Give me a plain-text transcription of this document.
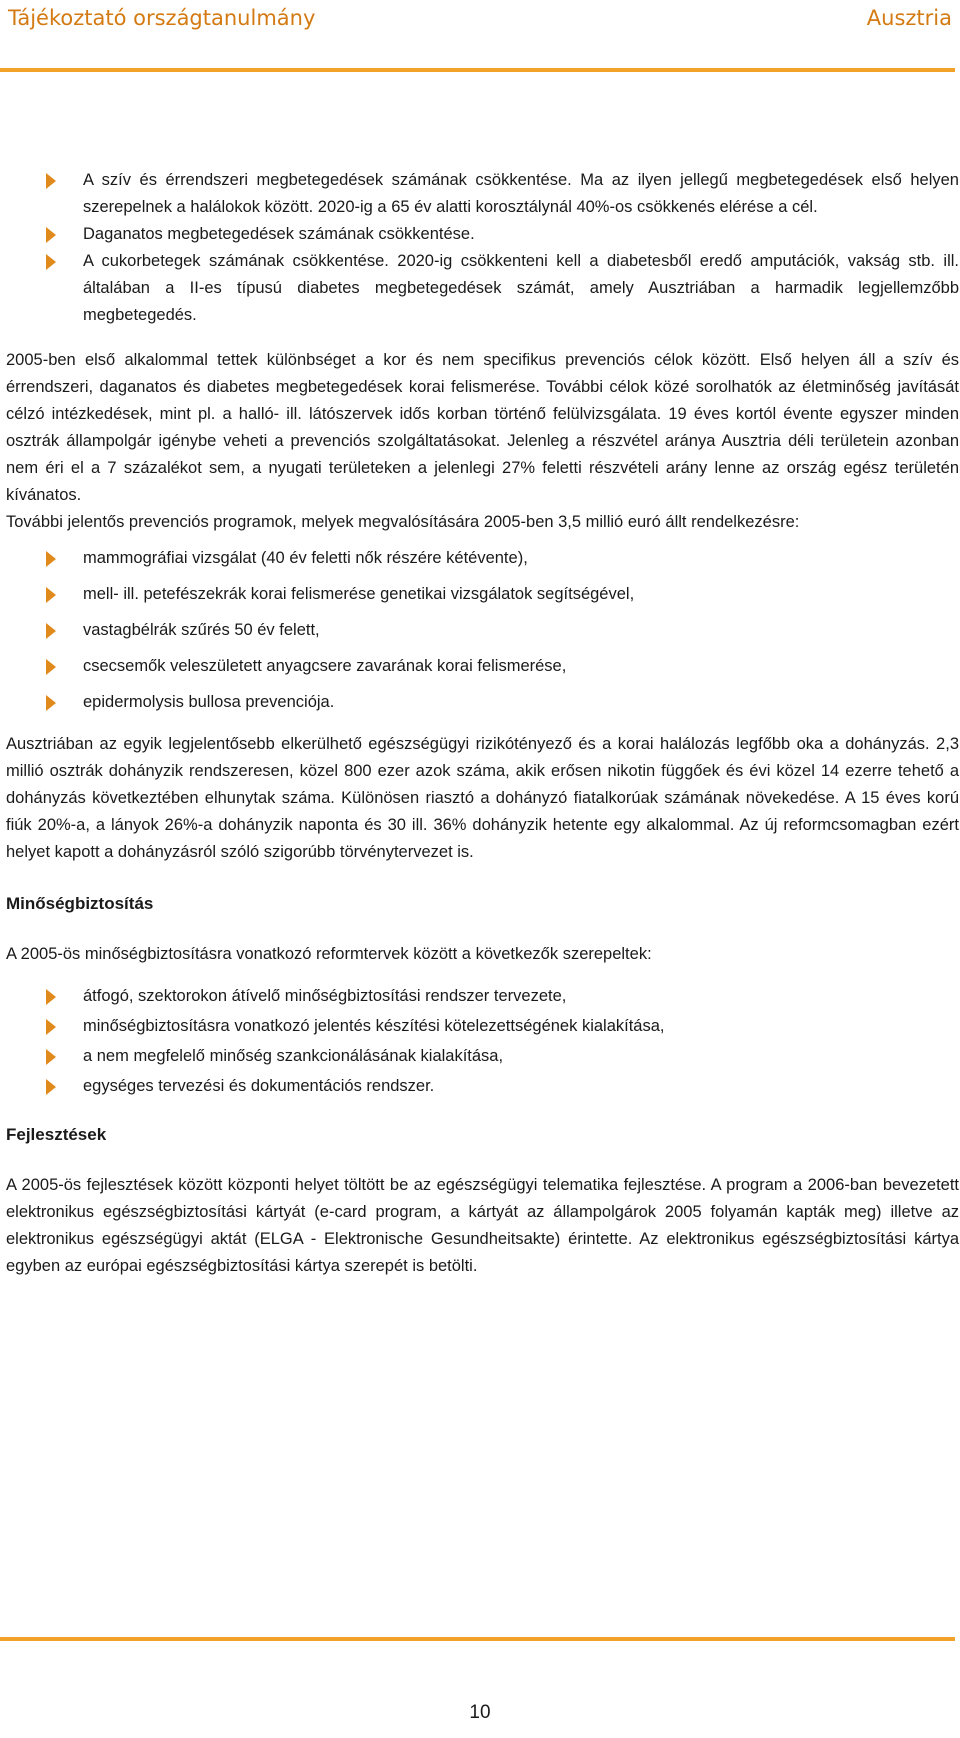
Tájékoztató országtanulmány	Ausztria
A szív és érrendszeri megbetegedések számának csökkentése. Ma az ilyen jellegű megbetegedések első helyen szerepelnek a halálokok között. 2020-ig a 65 év alatti korosztálynál 40%-os csökkenés elérése a cél.
Daganatos megbetegedések számának csökkentése.
A cukorbetegek számának csökkentése. 2020-ig csökkenteni kell a diabetesből eredő amputációk, vakság stb. ill. általában a II-es típusú diabetes megbetegedések számát, amely Ausztriában a harmadik legjellemzőbb megbetegedés.

2005-ben első alkalommal tettek különbséget a kor és nem specifikus prevenciós célok között. Első helyen áll a szív és érrendszeri, daganatos és diabetes megbetegedések korai felismerése. További célok közé sorolhatók az életminőség javítását célzó intézkedések, mint pl. a halló- ill. látószervek idős korban történő felülvizsgálata. 19 éves kortól évente egyszer minden osztrák állampolgár igénybe veheti a prevenciós szolgáltatásokat. Jelenleg a részvétel aránya Ausztria déli területein azonban nem éri el a 7 százalékot sem, a nyugati területeken a jelenlegi 27% feletti részvételi arány lenne az ország egész területén kívánatos.

További jelentős prevenciós programok, melyek megvalósítására 2005-ben 3,5 millió euró állt rendelkezésre:

mammográfiai vizsgálat (40 év feletti nők részére kétévente),
mell- ill. petefészekrák korai felismerése genetikai vizsgálatok segítségével,
vastagbélrák szűrés 50 év felett,
csecsemők veleszületett anyagcsere zavarának korai felismerése,
epidermolysis bullosa prevenciója.

Ausztriában az egyik legjelentősebb elkerülhető egészségügyi rizikótényező és a korai halálozás legfőbb oka a dohányzás. 2,3 millió osztrák dohányzik rendszeresen, közel 800 ezer azok száma, akik erősen nikotin függőek és évi közel 14 ezerre tehető a dohányzás következtében elhunytak száma. Különösen riasztó a dohányzó fiatalkorúak számának növekedése. A 15 éves korú fiúk 20%-a, a lányok 26%-a dohányzik naponta és 30 ill. 36% dohányzik hetente egy alkalommal. Az új reformcsomagban ezért helyet kapott a dohányzásról szóló szigorúbb törvénytervezet is.

Minőségbiztosítás

A 2005-ös minőségbiztosításra vonatkozó reformtervek között a következők szerepeltek:

átfogó, szektorokon átívelő minőségbiztosítási rendszer tervezete,
minőségbiztosításra vonatkozó jelentés készítési kötelezettségének kialakítása,
a nem megfelelő minőség szankcionálásának kialakítása,
egységes tervezési és dokumentációs rendszer.
Fejlesztések

A 2005-ös fejlesztések között központi helyet töltött be az egészségügyi telematika fejlesztése. A program a 2006-ban bevezetett elektronikus egészségbiztosítási kártyát (e-card program, a kártyát az állampolgárok 2005 folyamán kapták meg) illetve az elektronikus egészségügyi aktát (ELGA - Elektronische Gesundheitsakte) érintette. Az elektronikus egészségbiztosítási kártya egyben az európai egészségbiztosítási kártya szerepét is betölti.

10
